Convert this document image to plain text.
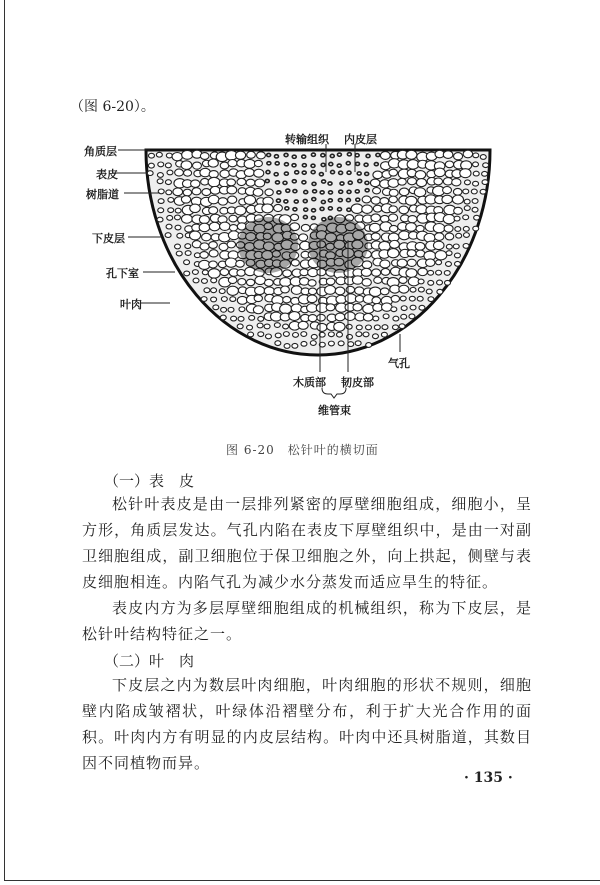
（图 6-20）。
角质层
表皮
树脂道
下皮层
孔下室
叶肉
转输组织 内皮层
气孔
木质部 韧皮部
维管束
图 6-20　松针叶的横切面
（一）表　皮
松针叶表皮是由一层排列紧密的厚壁细胞组成，细胞小，呈
方形，角质层发达。气孔内陷在表皮下厚壁组织中，是由一对副
卫细胞组成，副卫细胞位于保卫细胞之外，向上拱起，侧壁与表
皮细胞相连。内陷气孔为减少水分蒸发而适应旱生的特征。
表皮内方为多层厚壁细胞组成的机械组织，称为下皮层，是
松针叶结构特征之一。
（二）叶　肉
下皮层之内为数层叶肉细胞，叶肉细胞的形状不规则，细胞
壁内陷成皱褶状，叶绿体沿褶壁分布，利于扩大光合作用的面
积。叶肉内方有明显的内皮层结构。叶肉中还具树脂道，其数目
因不同植物而异。
· 135 ·
